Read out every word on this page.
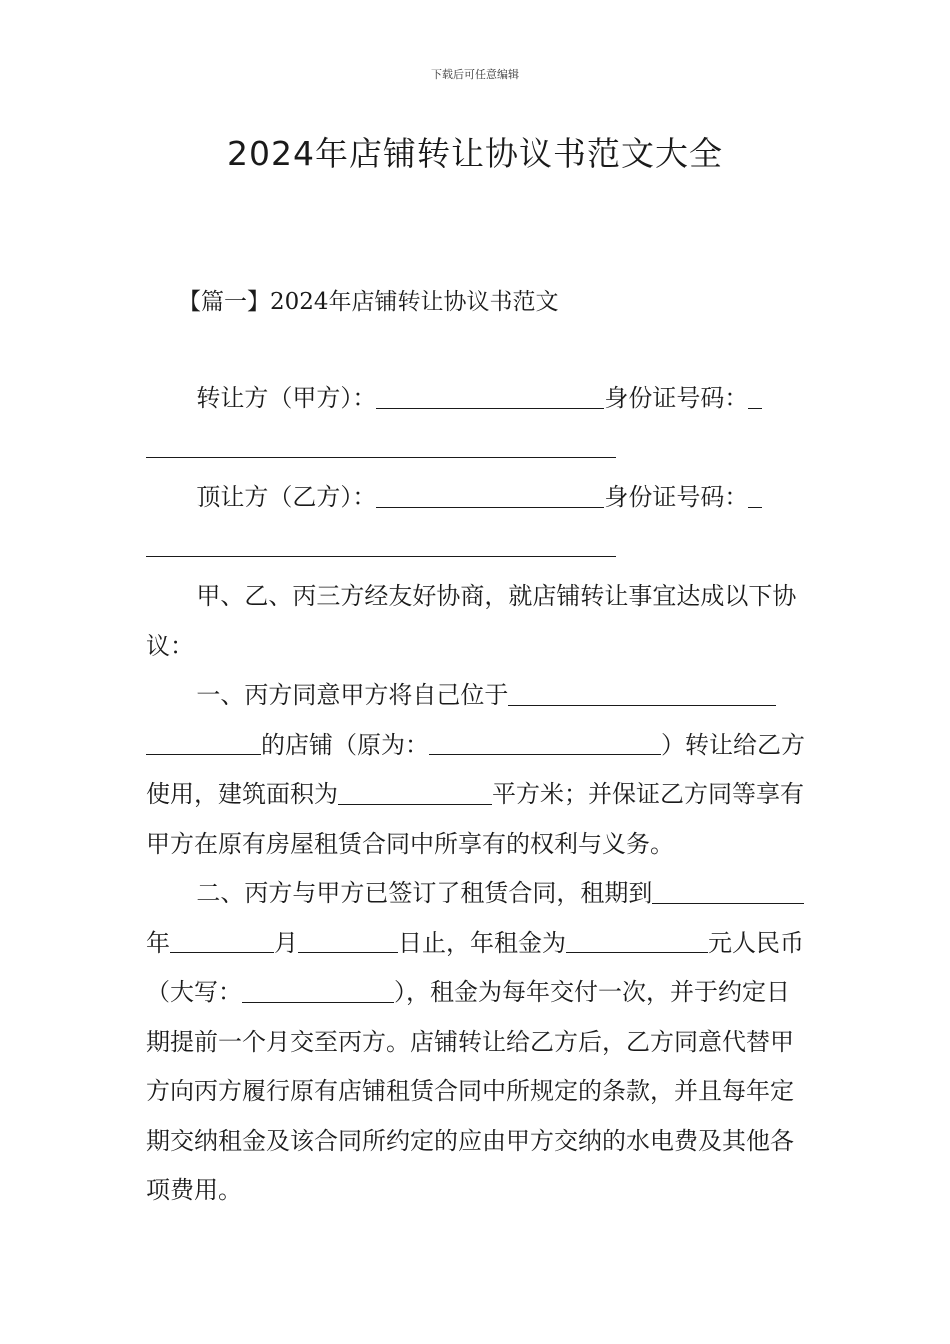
下载后可任意编辑
2024年店铺转让协议书范文大全
【篇一】2024年店铺转让协议书范文

转让方（甲方）：	身份证号码：

顶让方（乙方）：	身份证号码：

甲、乙、丙三方经友好协商，就店铺转让事宜达成以下协议：

一、丙方同意甲方将自己位于的店铺（原为：	）转让给乙方使用，建筑面积为	平方米；并保证乙方同等享有甲方在原有房屋租赁合同中所享有的权利与义务。

二、丙方与甲方已签订了租赁合同，租期到年	月	日止，年租金为	元人民币（大写：	），租金为每年交付一次，并于约定日期提前一个月交至丙方。店铺转让给乙方后，乙方同意代替甲方向丙方履行原有店铺租赁合同中所规定的条款，并且每年定期交纳租金及该合同所约定的应由甲方交纳的水电费及其他各项费用。
